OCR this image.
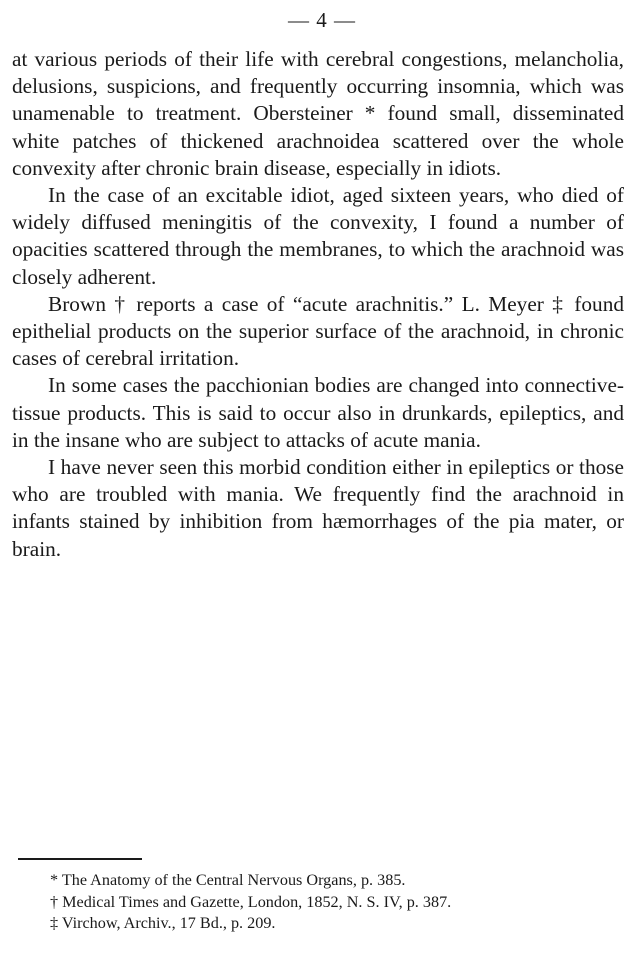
— 4 —

at various periods of their life with cerebral congestions, melancholia, delusions, suspicions, and frequently occurring insomnia, which was unamenable to treatment. Obersteiner * found small, disseminated white patches of thickened arachnoidea scattered over the whole convexity after chronic brain disease, especially in idiots.

In the case of an excitable idiot, aged sixteen years, who died of widely diffused meningitis of the convexity, I found a number of opacities scattered through the membranes, to which the arachnoid was closely adherent.

Brown † reports a case of “acute arachnitis.” L. Meyer ‡ found epithelial products on the superior surface of the arachnoid, in chronic cases of cerebral irritation.

In some cases the pacchionian bodies are changed into connective-tissue products. This is said to occur also in drunkards, epileptics, and in the insane who are subject to attacks of acute mania.

I have never seen this morbid condition either in epileptics or those who are troubled with mania. We frequently find the arachnoid in infants stained by inhibition from hæmorrhages of the pia mater, or brain.

* The Anatomy of the Central Nervous Organs, p. 385.

† Medical Times and Gazette, London, 1852, N. S. IV, p. 387.

‡ Virchow, Archiv., 17 Bd., p. 209.
